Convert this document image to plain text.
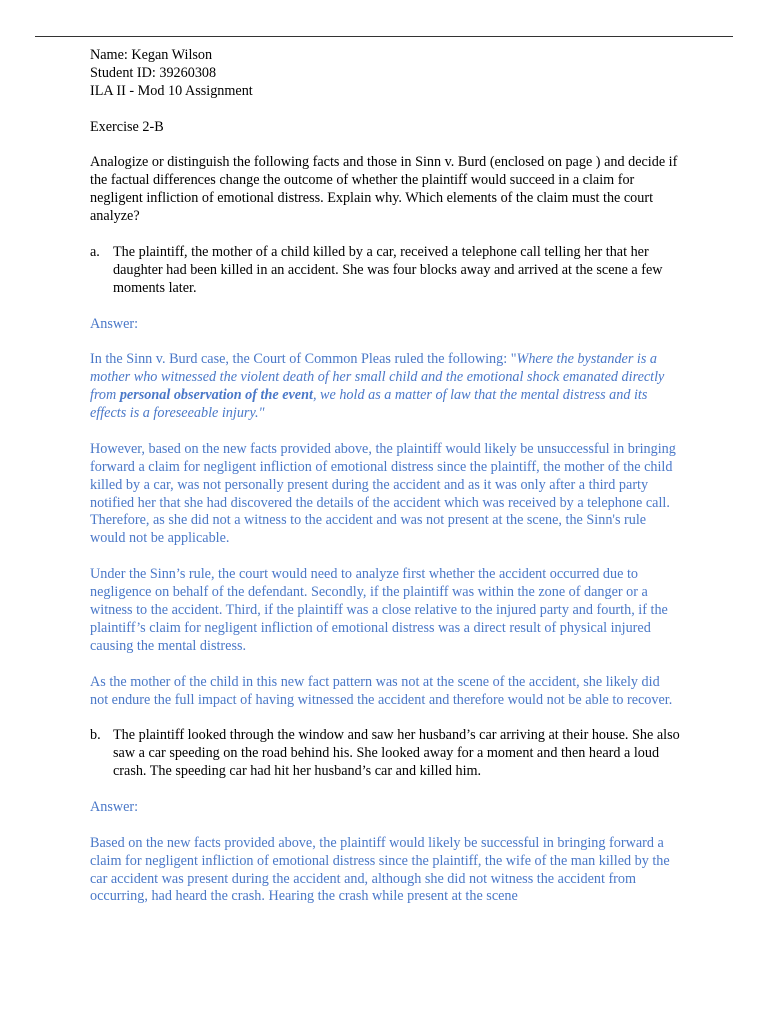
Name: Kegan Wilson

Student ID: 39260308

ILA II - Mod 10 Assignment

Exercise 2-B

Analogize or distinguish the following facts and those in Sinn v. Burd (enclosed on page ) and decide if the factual differences change the outcome of whether the plaintiff would succeed in a claim for negligent infliction of emotional distress. Explain why. Which elements of the claim must the court analyze?

a. The plaintiff, the mother of a child killed by a car, received a telephone call telling her that her daughter had been killed in an accident. She was four blocks away and arrived at the scene a few moments later.

Answer:

In the Sinn v. Burd case, the Court of Common Pleas ruled the following: "Where the bystander is a mother who witnessed the violent death of her small child and the emotional shock emanated directly from personal observation of the event, we hold as a matter of law that the mental distress and its effects is a foreseeable injury."

However, based on the new facts provided above, the plaintiff would likely be unsuccessful in bringing forward a claim for negligent infliction of emotional distress since the plaintiff, the mother of the child killed by a car, was not personally present during the accident and as it was only after a third party notified her that she had discovered the details of the accident which was received by a telephone call. Therefore, as she did not a witness to the accident and was not present at the scene, the Sinn's rule would not be applicable.

Under the Sinn’s rule, the court would need to analyze first whether the accident occurred due to negligence on behalf of the defendant. Secondly, if the plaintiff was within the zone of danger or a witness to the accident. Third, if the plaintiff was a close relative to the injured party and fourth, if the plaintiff’s claim for negligent infliction of emotional distress was a direct result of physical injured causing the mental distress.

As the mother of the child in this new fact pattern was not at the scene of the accident, she likely did not endure the full impact of having witnessed the accident and therefore would not be able to recover.

b. The plaintiff looked through the window and saw her husband’s car arriving at their house. She also saw a car speeding on the road behind his. She looked away for a moment and then heard a loud crash. The speeding car had hit her husband’s car and killed him.

Answer:

Based on the new facts provided above, the plaintiff would likely be successful in bringing forward a claim for negligent infliction of emotional distress since the plaintiff, the wife of the man killed by the car accident was present during the accident and, although she did not witness the accident from occurring, had heard the crash. Hearing the crash while present at the scene
